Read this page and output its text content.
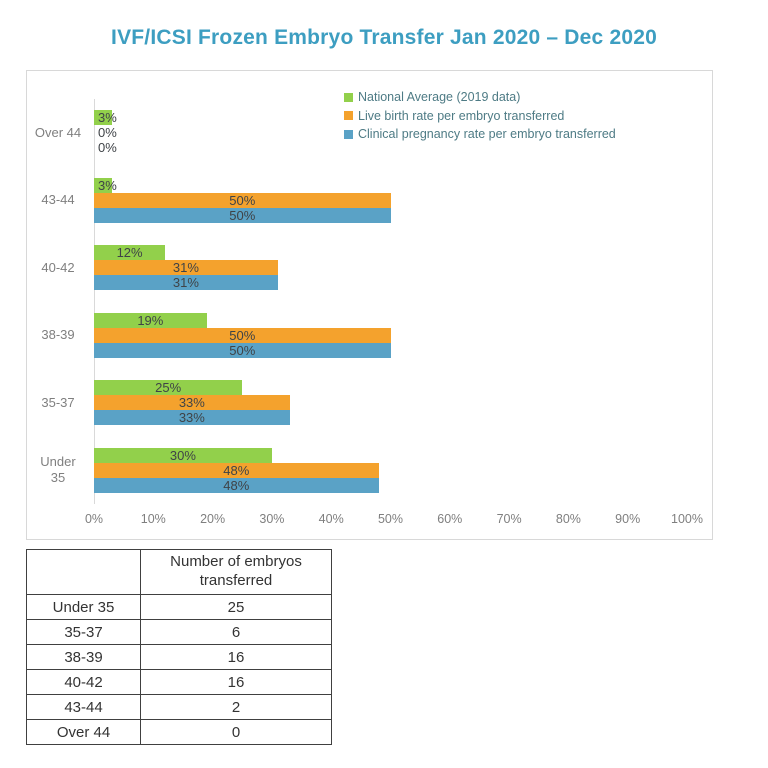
IVF/ICSI Frozen Embryo Transfer Jan 2020 – Dec 2020
3%
0%
0%
3%
50%
50%
12%
31%
31%
19%
50%
50%
25%
33%
33%
30%
48%
48%
0%	10%	20%	30%	40%	50%	60%	70%	80%	90% 100%
National Average (2019 data)
Live birth rate per embryo transferred
Clinical pregnancy rate per embryo transferred
Over 44
43-44
40-42
38-39
35-37
Under 35
	Number of embryos transferred
Under 35	25
35-37	6
38-39	16
40-42	16
43-44	2
Over 44	0
